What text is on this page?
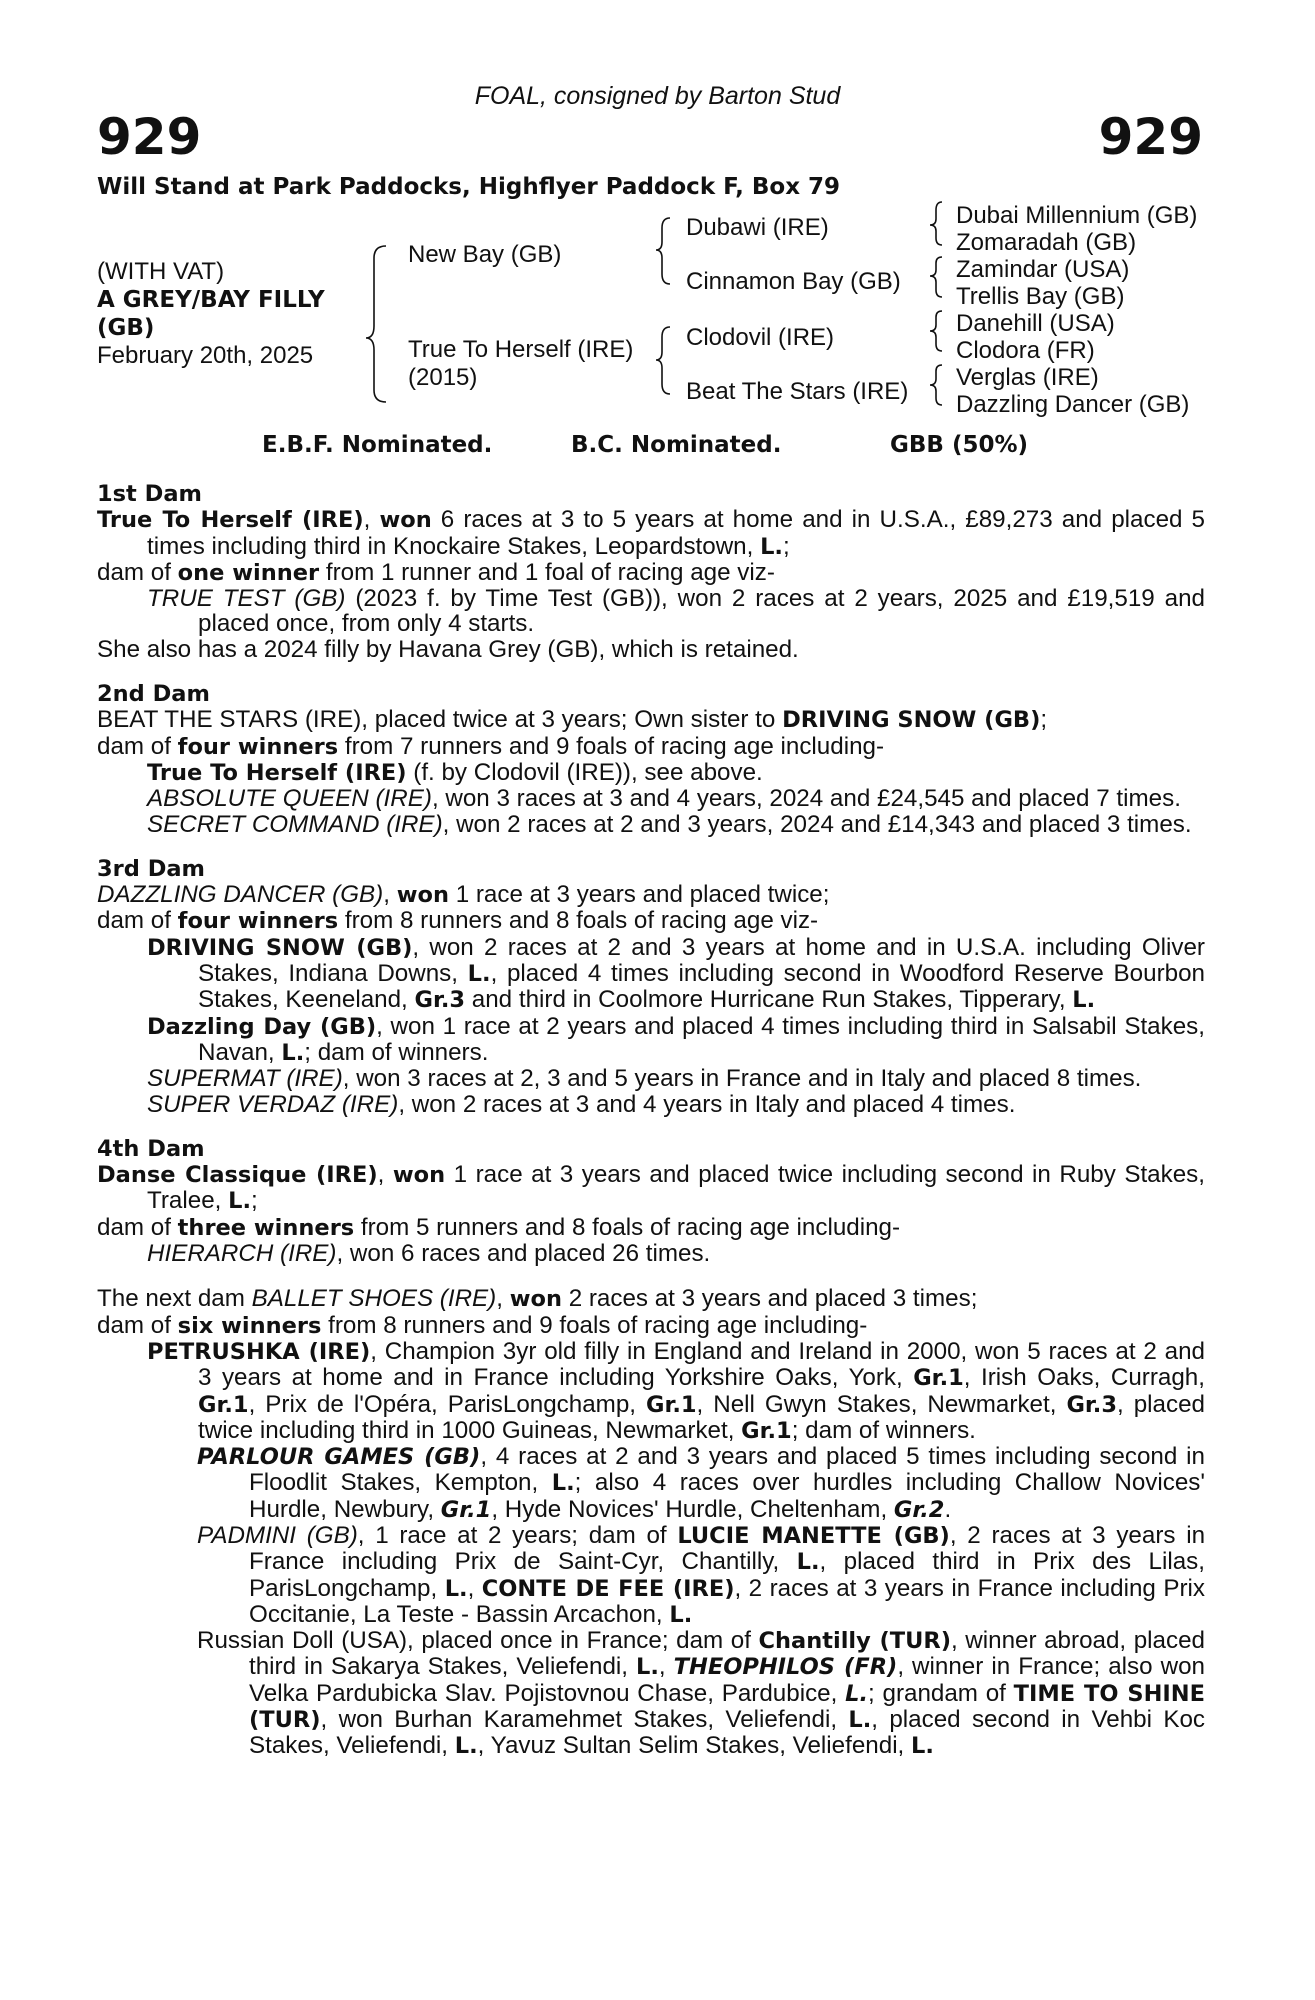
FOAL, consigned by Barton Stud
929	929
Will Stand at Park Paddocks, Highflyer Paddock F, Box 79
(WITH VAT)
A GREY/BAY FILLY
(GB)
February 20th, 2025
New Bay (GB)
True To Herself (IRE)
(2015)
Dubawi (IRE)
Cinnamon Bay (GB)
Clodovil (IRE)
Beat The Stars (IRE)
Dubai Millennium (GB)
Zomaradah (GB)
Zamindar (USA)
Trellis Bay (GB)
Danehill (USA)
Clodora (FR)
Verglas (IRE)
Dazzling Dancer (GB)
E.B.F. Nominated.	B.C. Nominated.	GBB (50%)
1st Dam
True To Herself (IRE), won 6 races at 3 to 5 years at home and in U.S.A., £89,273 and placed 5 times including third in Knockaire Stakes, Leopardstown, L.;
dam of one winner from 1 runner and 1 foal of racing age viz-
TRUE TEST (GB) (2023 f. by Time Test (GB)), won 2 races at 2 years, 2025 and £19,519 and placed once, from only 4 starts.
She also has a 2024 filly by Havana Grey (GB), which is retained.
2nd Dam
BEAT THE STARS (IRE), placed twice at 3 years; Own sister to DRIVING SNOW (GB);
dam of four winners from 7 runners and 9 foals of racing age including-
True To Herself (IRE) (f. by Clodovil (IRE)), see above.
ABSOLUTE QUEEN (IRE), won 3 races at 3 and 4 years, 2024 and £24,545 and placed 7 times.
SECRET COMMAND (IRE), won 2 races at 2 and 3 years, 2024 and £14,343 and placed 3 times.
3rd Dam
DAZZLING DANCER (GB), won 1 race at 3 years and placed twice;
dam of four winners from 8 runners and 8 foals of racing age viz-
DRIVING SNOW (GB), won 2 races at 2 and 3 years at home and in U.S.A. including Oliver Stakes, Indiana Downs, L., placed 4 times including second in Woodford Reserve Bourbon Stakes, Keeneland, Gr.3 and third in Coolmore Hurricane Run Stakes, Tipperary, L.
Dazzling Day (GB), won 1 race at 2 years and placed 4 times including third in Salsabil Stakes, Navan, L.; dam of winners.
SUPERMAT (IRE), won 3 races at 2, 3 and 5 years in France and in Italy and placed 8 times.
SUPER VERDAZ (IRE), won 2 races at 3 and 4 years in Italy and placed 4 times.
4th Dam
Danse Classique (IRE), won 1 race at 3 years and placed twice including second in Ruby Stakes, Tralee, L.;
dam of three winners from 5 runners and 8 foals of racing age including-
HIERARCH (IRE), won 6 races and placed 26 times.
The next dam BALLET SHOES (IRE), won 2 races at 3 years and placed 3 times;
dam of six winners from 8 runners and 9 foals of racing age including-
PETRUSHKA (IRE), Champion 3yr old filly in England and Ireland in 2000, won 5 races at 2 and 3 years at home and in France including Yorkshire Oaks, York, Gr.1, Irish Oaks, Curragh, Gr.1, Prix de l'Opéra, ParisLongchamp, Gr.1, Nell Gwyn Stakes, Newmarket, Gr.3, placed twice including third in 1000 Guineas, Newmarket, Gr.1; dam of winners.
PARLOUR GAMES (GB), 4 races at 2 and 3 years and placed 5 times including second in Floodlit Stakes, Kempton, L.; also 4 races over hurdles including Challow Novices' Hurdle, Newbury, Gr.1, Hyde Novices' Hurdle, Cheltenham, Gr.2.
PADMINI (GB), 1 race at 2 years; dam of LUCIE MANETTE (GB), 2 races at 3 years in France including Prix de Saint-Cyr, Chantilly, L., placed third in Prix des Lilas, ParisLongchamp, L., CONTE DE FEE (IRE), 2 races at 3 years in France including Prix Occitanie, La Teste - Bassin Arcachon, L.
Russian Doll (USA), placed once in France; dam of Chantilly (TUR), winner abroad, placed third in Sakarya Stakes, Veliefendi, L., THEOPHILOS (FR), winner in France; also won Velka Pardubicka Slav. Pojistovnou Chase, Pardubice, L.; grandam of TIME TO SHINE (TUR), won Burhan Karamehmet Stakes, Veliefendi, L., placed second in Vehbi Koc Stakes, Veliefendi, L., Yavuz Sultan Selim Stakes, Veliefendi, L.
